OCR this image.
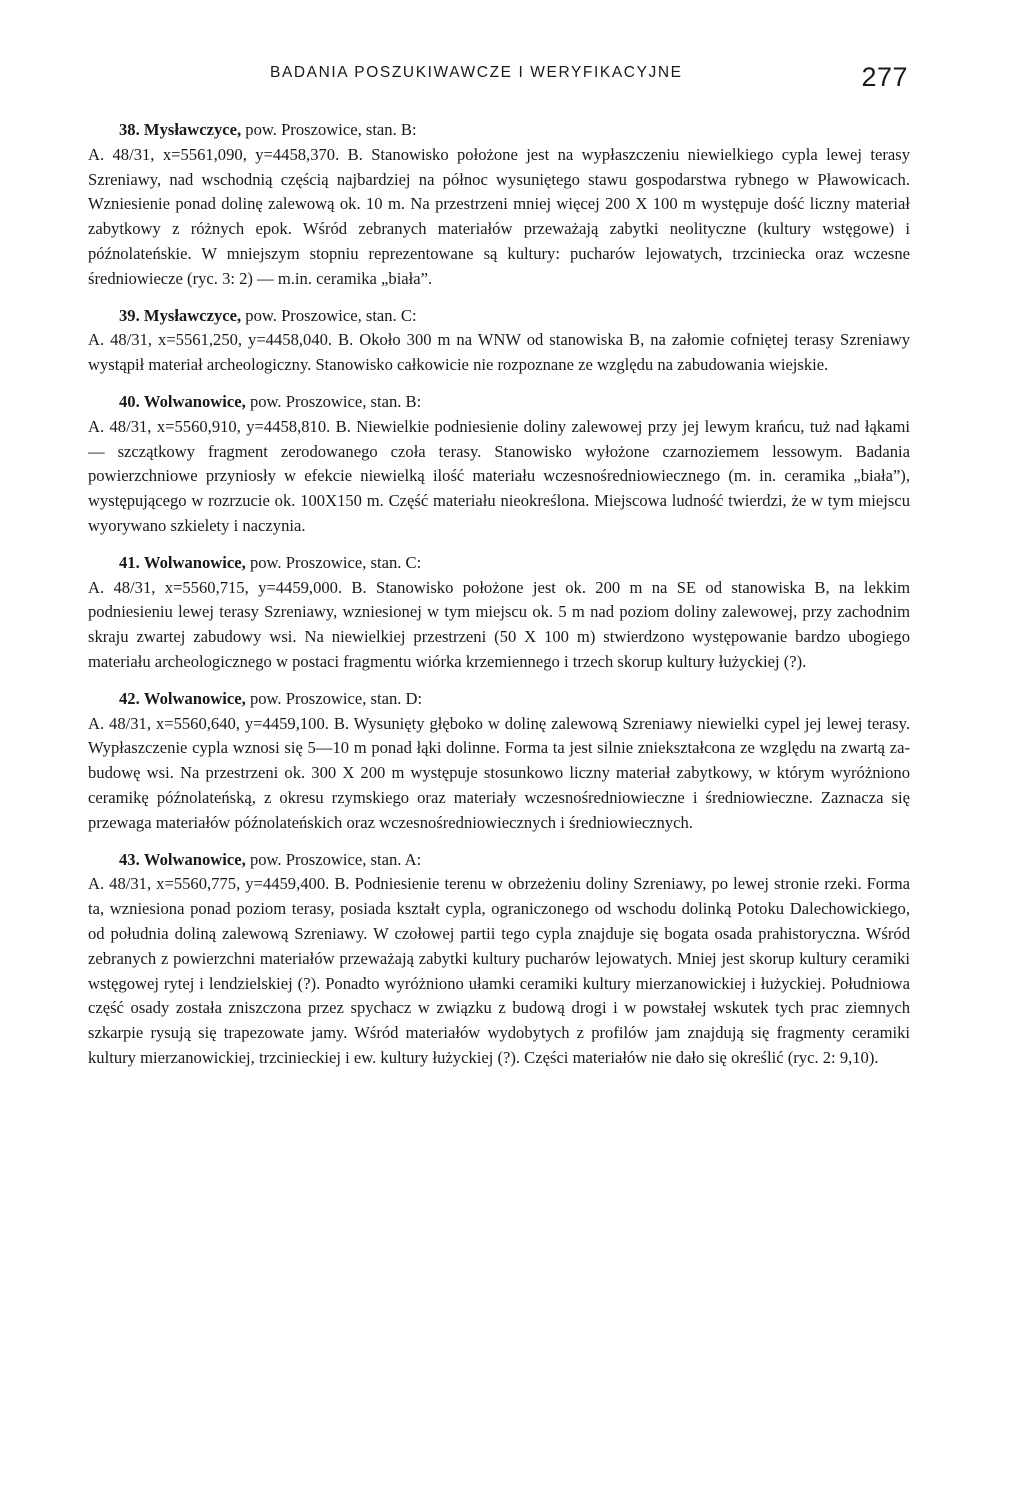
BADANIA POSZUKIWAWCZE I WERYFIKACYJNE	277

38. Mysławczyce, pow. Proszowice, stan. B:

A. 48/31, x=5561,090, y=4458,370. B. Stanowisko położone jest na wypłaszczeniu niewielkiego cypla lewej terasy Szreniawy, nad wschodnią częścią najbardziej na północ wysuniętego stawu gospodarstwa rybnego w Pławowicach. Wzniesienie ponad dolinę zalewową ok. 10 m. Na przestrzeni mniej więcej 200 X 100 m występuje dość liczny materiał zabytkowy z różnych epok. Wśród zebranych materiałów przeważają zabytki neolityczne (kultury wstęgowe) i późnolateńskie. W mniejszym stopniu reprezentowane są kultury: pucharów lejowatych, trzciniecka oraz wczesne średniowiecze (ryc. 3: 2) — m.in. ceramika „biała”.

39. Mysławczyce, pow. Proszowice, stan. C:

A. 48/31, x=5561,250, y=4458,040. B. Około 300 m na WNW od stanowiska B, na załomie cofniętej terasy Szreniawy wystąpił materiał archeologiczny. Stanowisko całkowicie nie rozpoznane ze względu na zabudowania wiejskie.

40. Wolwanowice, pow. Proszowice, stan. B:

A. 48/31, x=5560,910, y=4458,810. B. Niewielkie podniesienie doliny zalewowej przy jej lewym krańcu, tuż nad łąkami — szczątkowy fragment zerodowanego czoła terasy. Stanowisko wyłożone czarnoziemem lessowym. Badania powierzchniowe przyniosły w efekcie niewielką ilość materiału wczesnośredniowiecznego (m. in. ceramika „biała”), występującego w rozrzucie ok. 100X150 m. Część materiału nieokreślona. Miejscowa ludność twierdzi, że w tym miejscu wyorywano szkielety i naczynia.

41. Wolwanowice, pow. Proszowice, stan. C:

A. 48/31, x=5560,715, y=4459,000. B. Stanowisko położone jest ok. 200 m na SE od stanowiska B, na lekkim podniesieniu lewej terasy Szreniawy, wzniesionej w tym miejscu ok. 5 m nad poziom doliny zalewowej, przy zachodnim skraju zwartej zabudowy wsi. Na niewielkiej przestrzeni (50 X 100 m) stwierdzono występowanie bardzo ubogiego materiału archeologicznego w postaci fragmentu wiórka krzemiennego i trzech skorup kultury łużyckiej (?).

42. Wolwanowice, pow. Proszowice, stan. D:

A. 48/31, x=5560,640, y=4459,100. B. Wysunięty głęboko w dolinę zalewową Szreniawy niewielki cypel jej lewej terasy. Wypłaszczenie cypla wznosi się 5—10 m ponad łąki dolinne. Forma ta jest silnie zniekształcona ze względu na zwartą zabudowę wsi. Na przestrzeni ok. 300 X 200 m występuje stosunkowo liczny materiał zabytkowy, w którym wyróżniono ceramikę późnolateńską, z okresu rzymskiego oraz materiały wczesnośredniowieczne i średniowieczne. Zaznacza się przewaga materiałów późnolateńskich oraz wczesnośredniowiecznych i średniowiecznych.

43. Wolwanowice, pow. Proszowice, stan. A:

A. 48/31, x=5560,775, y=4459,400. B. Podniesienie terenu w obrzeżeniu doliny Szreniawy, po lewej stronie rzeki. Forma ta, wzniesiona ponad poziom terasy, posiada kształt cypla, ograniczonego od wschodu dolinką Potoku Dalechowickiego, od południa doliną zalewową Szreniawy. W czołowej partii tego cypla znajduje się bogata osada prahistoryczna. Wśród zebranych z powierzchni materiałów przeważają zabytki kultury pucharów lejowatych. Mniej jest skorup kultury ceramiki wstęgowej rytej i lendzielskiej (?). Ponadto wyróżniono ułamki ceramiki kultury mierzanowickiej i łużyckiej. Południowa część osady została zniszczona przez spychacz w związku z budową drogi i w powstałej wskutek tych prac ziemnych szkarpie rysują się trapezowate jamy. Wśród materiałów wydobytych z profilów jam znajdują się fragmenty ceramiki kultury mierzanowickiej, trzcinieckiej i ew. kultury łużyckiej (?). Części materiałów nie dało się określić (ryc. 2: 9,10).
